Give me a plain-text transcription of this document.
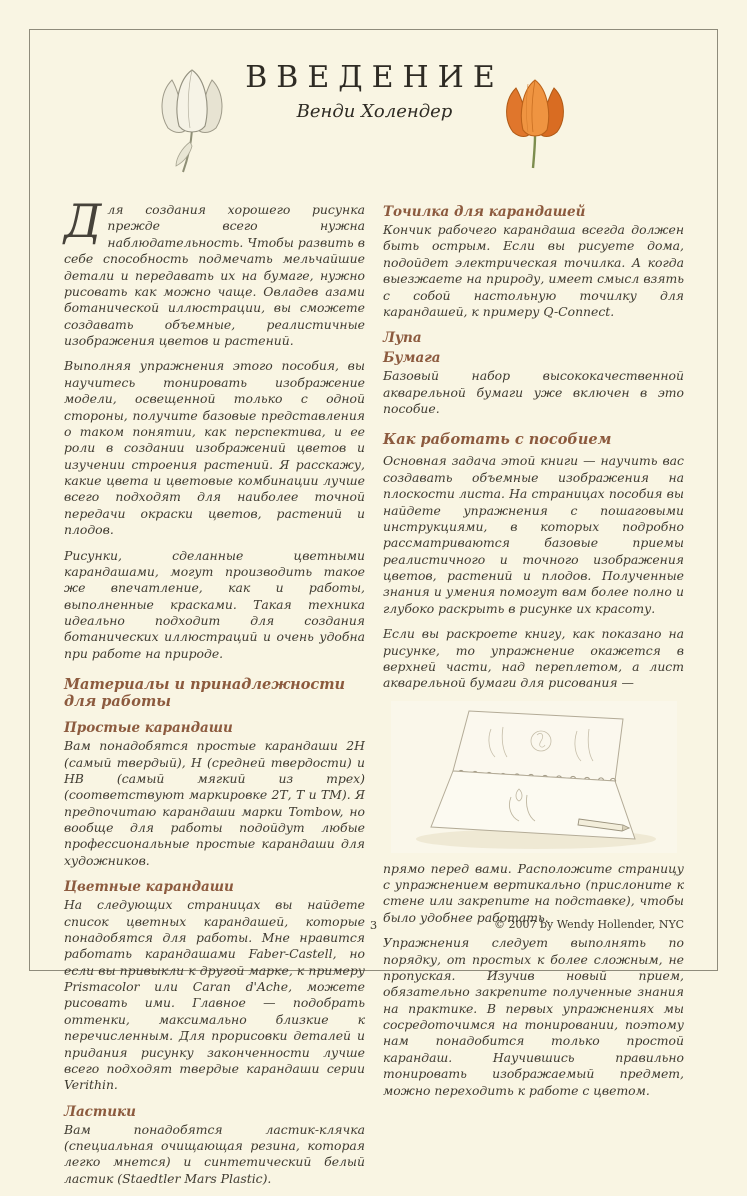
ВВЕДЕНИЕ
Венди Холендер

Для создания хорошего рисунка прежде всего нужна наблюдательность. Чтобы развить в себе способность подмечать мельчайшие детали и передавать их на бумаге, нужно рисовать как можно чаще. Овладев азами ботанической иллюстрации, вы сможете создавать объемные, реалистичные изображения цветов и растений.

Выполняя упражнения этого пособия, вы научитесь тонировать изображение модели, освещенной только с одной стороны, получите базовые представления о таком понятии, как перспектива, и ее роли в создании изображений цветов и изучении строения растений. Я расскажу, какие цвета и цветовые комбинации лучше всего подходят для наиболее точной передачи окраски цветов, растений и плодов.

Рисунки, сделанные цветными карандашами, могут производить такое же впечатление, как и работы, выполненные красками. Такая техника идеально подходит для создания ботанических иллюстраций и очень удобна при работе на природе.

Материалы и принадлежности для работы
Простые карандаши

Вам понадобятся простые карандаши 2Н (самый твердый), Н (средней твердости) и НВ (самый мягкий из трех) (соответствуют маркировке 2Т, Т и ТМ). Я предпочитаю карандаши марки Tombow, но вообще для работы подойдут любые профессиональные простые карандаши для художников.

Цветные карандаши

На следующих страницах вы найдете список цветных карандашей, которые понадобятся для работы. Мне нравится работать карандашами Faber-Castell, но если вы привыкли к другой марке, к примеру Prismacolor или Caran d'Ache, можете рисовать ими. Главное — подобрать оттенки, максимально близкие к перечисленным. Для прорисовки деталей и придания рисунку законченности лучше всего подходят твердые карандаши серии Verithin.

Ластики

Вам понадобятся ластик-клячка (специальная очищающая резина, которая легко мнется) и синтетический белый ластик (Staedtler Mars Plastic).

Точилка для карандашей

Кончик рабочего карандаша всегда должен быть острым. Если вы рисуете дома, подойдет электрическая точилка. А когда выезжаете на природу, имеет смысл взять с собой настольную точилку для карандашей, к примеру Q-Connect.

Лупа
Бумага

Базовый набор высококачественной акварельной бумаги уже включен в это пособие.

Как работать с пособием

Основная задача этой книги — научить вас создавать объемные изображения на плоскости листа. На страницах пособия вы найдете упражнения с пошаговыми инструкциями, в которых подробно рассматриваются базовые приемы реалистичного и точного изображения цветов, растений и плодов. Полученные знания и умения помогут вам более полно и глубоко раскрыть в рисунке их красоту.

Если вы раскроете книгу, как показано на рисунке, то упражнение окажется в верхней части, над переплетом, а лист акварельной бумаги для рисования —

прямо перед вами. Расположите страницу с упражнением вертикально (прислоните к стене или закрепите на подставке), чтобы было удобнее работать.

Упражнения следует выполнять по порядку, от простых к более сложным, не пропуская. Изучив новый прием, обязательно закрепите полученные знания на практике. В первых упражнениях мы сосредоточимся на тонировании, поэтому нам понадобится только простой карандаш. Научившись правильно тонировать изображаемый предмет, можно переходить к работе с цветом.

3	© 2007 by Wendy Hollender, NYC
